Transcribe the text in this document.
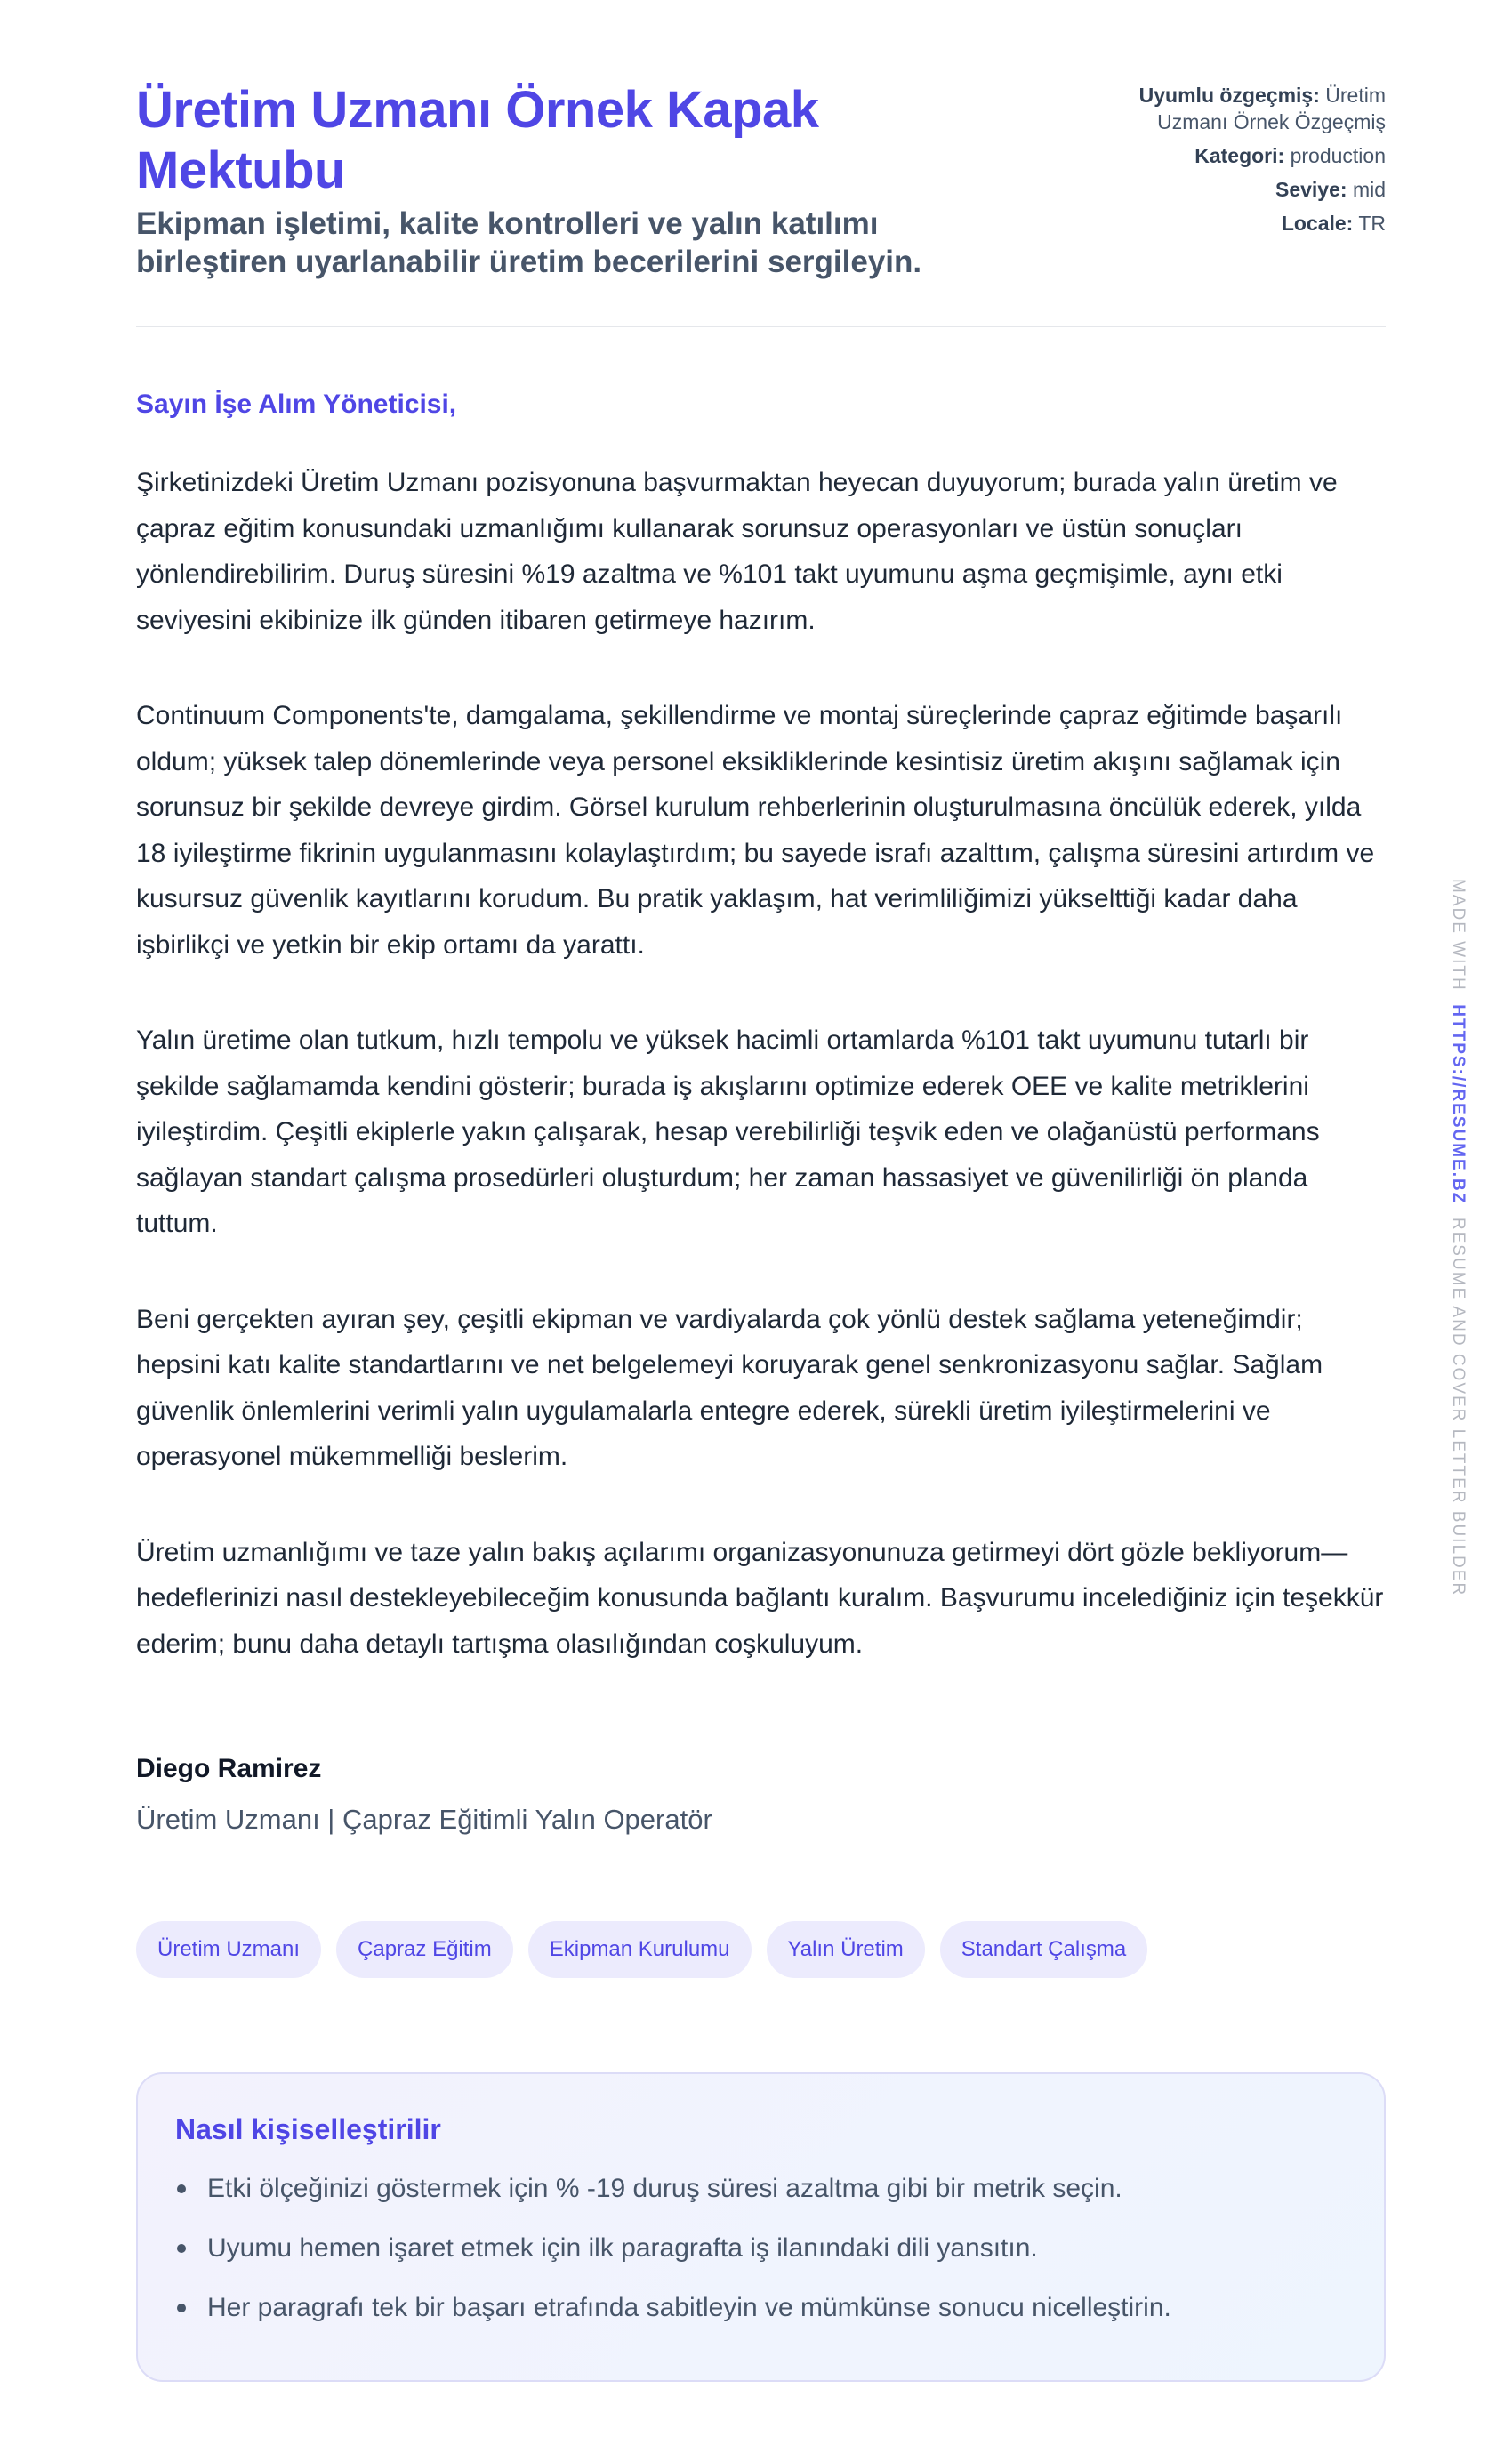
Üretim Uzmanı Örnek Kapak Mektubu
Ekipman işletimi, kalite kontrolleri ve yalın katılımı birleştiren uyarlanabilir üretim becerilerini sergileyin.
Uyumlu özgeçmiş: Üretim Uzmanı Örnek Özgeçmiş
Kategori: production
Seviye: mid
Locale: TR
Sayın İşe Alım Yöneticisi,

Şirketinizdeki Üretim Uzmanı pozisyonuna başvurmaktan heyecan duyuyorum; burada yalın üretim ve çapraz eğitim konusundaki uzmanlığımı kullanarak sorunsuz operasyonları ve üstün sonuçları yönlendirebilirim. Duruş süresini %19 azaltma ve %101 takt uyumunu aşma geçmişimle, aynı etki seviyesini ekibinize ilk günden itibaren getirmeye hazırım.

Continuum Components'te, damgalama, şekillendirme ve montaj süreçlerinde çapraz eğitimde başarılı oldum; yüksek talep dönemlerinde veya personel eksikliklerinde kesintisiz üretim akışını sağlamak için sorunsuz bir şekilde devreye girdim. Görsel kurulum rehberlerinin oluşturulmasına öncülük ederek, yılda 18 iyileştirme fikrinin uygulanmasını kolaylaştırdım; bu sayede israfı azalttım, çalışma süresini artırdım ve kusursuz güvenlik kayıtlarını korudum. Bu pratik yaklaşım, hat verimliliğimizi yükselttiği kadar daha işbirlikçi ve yetkin bir ekip ortamı da yarattı.

Yalın üretime olan tutkum, hızlı tempolu ve yüksek hacimli ortamlarda %101 takt uyumunu tutarlı bir şekilde sağlamamda kendini gösterir; burada iş akışlarını optimize ederek OEE ve kalite metriklerini iyileştirdim. Çeşitli ekiplerle yakın çalışarak, hesap verebilirliği teşvik eden ve olağanüstü performans sağlayan standart çalışma prosedürleri oluşturdum; her zaman hassasiyet ve güvenilirliği ön planda tuttum.

Beni gerçekten ayıran şey, çeşitli ekipman ve vardiyalarda çok yönlü destek sağlama yeteneğimdir; hepsini katı kalite standartlarını ve net belgelemeyi koruyarak genel senkronizasyonu sağlar. Sağlam güvenlik önlemlerini verimli yalın uygulamalarla entegre ederek, sürekli üretim iyileştirmelerini ve operasyonel mükemmelliği beslerim.

Üretim uzmanlığımı ve taze yalın bakış açılarımı organizasyonunuza getirmeyi dört gözle bekliyorum—hedeflerinizi nasıl destekleyebileceğim konusunda bağlantı kuralım. Başvurumu incelediğiniz için teşekkür ederim; bunu daha detaylı tartışma olasılığından coşkuluyum.

Diego Ramirez
Üretim Uzmanı | Çapraz Eğitimli Yalın Operatör
Üretim Uzmanı	Çapraz Eğitim	Ekipman Kurulumu	Yalın Üretim	Standart Çalışma
Nasıl kişiselleştirilir
Etki ölçeğinizi göstermek için % -19 duruş süresi azaltma gibi bir metrik seçin.
Uyumu hemen işaret etmek için ilk paragrafta iş ilanındaki dili yansıtın.
Her paragrafı tek bir başarı etrafında sabitleyin ve mümkünse sonucu nicelleştirin.
MADE WITH  HTTPS://RESUME.BZ  RESUME AND COVER LETTER BUILDER
